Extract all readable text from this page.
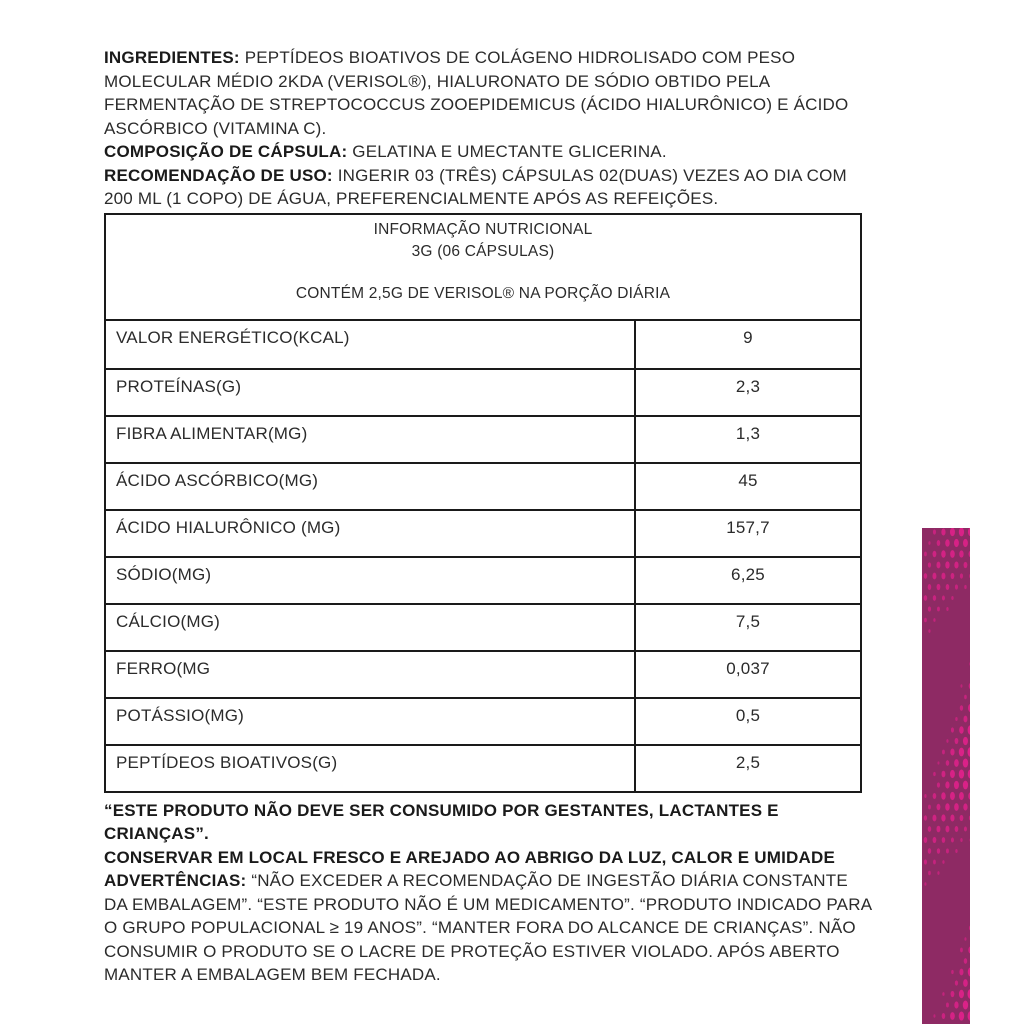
INGREDIENTES: PEPTÍDEOS BIOATIVOS DE COLÁGENO HIDROLISADO COM PESO MOLECULAR MÉDIO 2KDA (VERISOL®), HIALURONATO DE SÓDIO OBTIDO PELA FERMENTAÇÃO DE STREPTOCOCCUS ZOOEPIDEMICUS (ÁCIDO HIALURÔNICO) E ÁCIDO ASCÓRBICO (VITAMINA C).

COMPOSIÇÃO DE CÁPSULA: GELATINA E UMECTANTE GLICERINA.

RECOMENDAÇÃO DE USO: INGERIR 03 (TRÊS) CÁPSULAS 02(DUAS) VEZES AO DIA COM 200 ML (1 COPO) DE ÁGUA, PREFERENCIALMENTE APÓS AS REFEIÇÕES.

INFORMAÇÃO NUTRICIONAL
3G (06 CÁPSULAS)
CONTÉM 2,5G DE VERISOL® NA PORÇÃO DIÁRIA
VALOR ENERGÉTICO(KCAL)	9
PROTEÍNAS(G)	2,3
FIBRA ALIMENTAR(MG)	1,3
ÁCIDO ASCÓRBICO(MG)	45
ÁCIDO HIALURÔNICO (MG)	157,7
SÓDIO(MG)	6,25
CÁLCIO(MG)	7,5
FERRO(MG	0,037
POTÁSSIO(MG)	0,5
PEPTÍDEOS BIOATIVOS(G)	2,5
“ESTE PRODUTO NÃO DEVE SER CONSUMIDO POR GESTANTES, LACTANTES E CRIANÇAS”.
CONSERVAR EM LOCAL FRESCO E AREJADO AO ABRIGO DA LUZ, CALOR E UMIDADE

ADVERTÊNCIAS: “NÃO EXCEDER A RECOMENDAÇÃO DE INGESTÃO DIÁRIA CONSTANTE DA EMBALAGEM”. “ESTE PRODUTO NÃO É UM MEDICAMENTO”. “PRODUTO INDICADO PARA O GRUPO POPULACIONAL ≥ 19 ANOS”. “MANTER FORA DO ALCANCE DE CRIANÇAS”. NÃO CONSUMIR O PRODUTO SE O LACRE DE PROTEÇÃO ESTIVER VIOLADO. APÓS ABERTO MANTER A EMBALAGEM BEM FECHADA.
